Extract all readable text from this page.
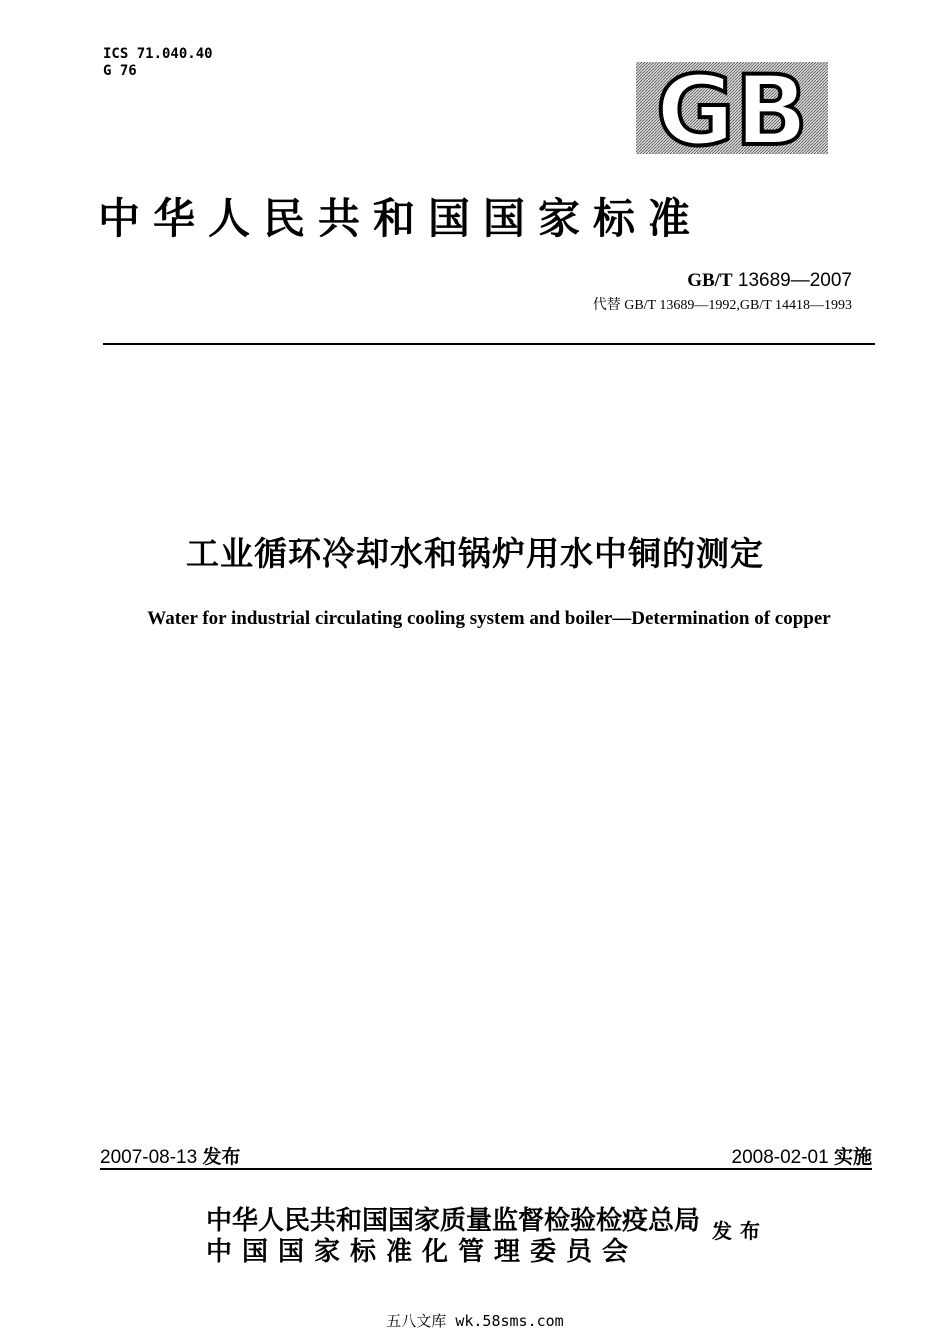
ICS 71.040.40
G 76	GB
中华人民共和国国家标准
GB/T 13689—2007
代替 GB/T 13689—1992,GB/T 14418—1993
工业循环冷却水和锅炉用水中铜的测定
Water for industrial circulating cooling system and boiler—Determination of copper
2007-08-13 发布	2008-02-01 实施
中华人民共和国国家质量监督检验检疫总局
中国国家标准化管理委员会
发布
五八文库 wk.58sms.com
